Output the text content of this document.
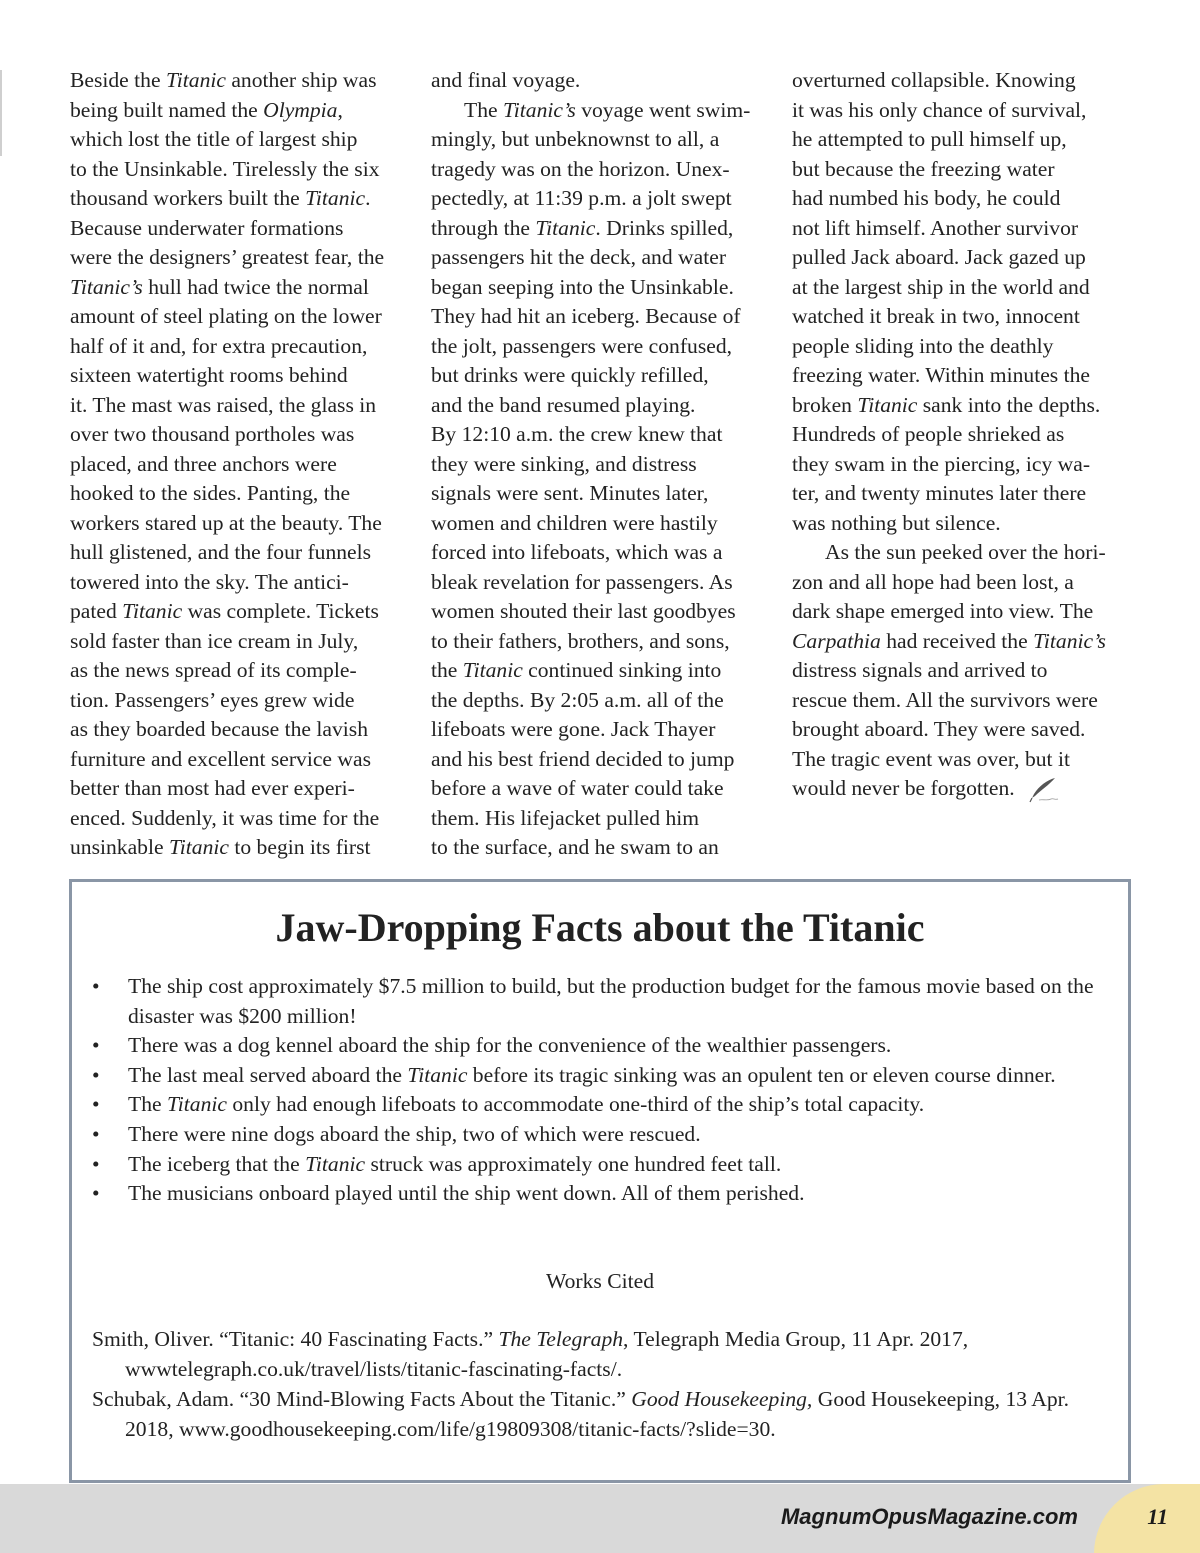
Beside the Titanic another ship was

being built named the Olympia,

which lost the title of largest ship

to the Unsinkable. Tirelessly the six

thousand workers built the Titanic.

Because underwater formations

were the designers’ greatest fear, the

Titanic’s hull had twice the normal

amount of steel plating on the lower

half of it and, for extra precaution,

sixteen watertight rooms behind

it. The mast was raised, the glass in

over two thousand portholes was

placed, and three anchors were

hooked to the sides. Panting, the

workers stared up at the beauty. The

hull glistened, and the four funnels

towered into the sky. The antici-

pated Titanic was complete. Tickets

sold faster than ice cream in July,

as the news spread of its comple-

tion. Passengers’ eyes grew wide

as they boarded because the lavish

furniture and excellent service was

better than most had ever experi-

enced. Suddenly, it was time for the

unsinkable Titanic to begin its first

and final voyage.

The Titanic’s voyage went swim-

mingly, but unbeknownst to all, a

tragedy was on the horizon. Unex-

pectedly, at 11:39 p.m. a jolt swept

through the Titanic. Drinks spilled,

passengers hit the deck, and water

began seeping into the Unsinkable.

They had hit an iceberg. Because of

the jolt, passengers were confused,

but drinks were quickly refilled,

and the band resumed playing.

By 12:10 a.m. the crew knew that

they were sinking, and distress

signals were sent. Minutes later,

women and children were hastily

forced into lifeboats, which was a

bleak revelation for passengers. As

women shouted their last goodbyes

to their fathers, brothers, and sons,

the Titanic continued sinking into

the depths. By 2:05 a.m. all of the

lifeboats were gone. Jack Thayer

and his best friend decided to jump

before a wave of water could take

them. His lifejacket pulled him

to the surface, and he swam to an

overturned collapsible. Knowing

it was his only chance of survival,

he attempted to pull himself up,

but because the freezing water

had numbed his body, he could

not lift himself. Another survivor

pulled Jack aboard. Jack gazed up

at the largest ship in the world and

watched it break in two, innocent

people sliding into the deathly

freezing water. Within minutes the

broken Titanic sank into the depths.

Hundreds of people shrieked as

they swam in the piercing, icy wa-

ter, and twenty minutes later there

was nothing but silence.

As the sun peeked over the hori-

zon and all hope had been lost, a

dark shape emerged into view. The

Carpathia had received the Titanic’s

distress signals and arrived to

rescue them. All the survivors were

brought aboard. They were saved.

The tragic event was over, but it

would never be forgotten.

Jaw-Dropping Facts about the Titanic
• The ship cost approximately $7.5 million to build, but the production budget for the famous movie based on the disaster was $200 million!
• There was a dog kennel aboard the ship for the convenience of the wealthier passengers.
• The last meal served aboard the Titanic before its tragic sinking was an opulent ten or eleven course dinner.
• The Titanic only had enough lifeboats to accommodate one-third of the ship’s total capacity.
• There were nine dogs aboard the ship, two of which were rescued.
• The iceberg that the Titanic struck was approximately one hundred feet tall.
• The musicians onboard played until the ship went down. All of them perished.
Works Cited

Smith, Oliver. “Titanic: 40 Fascinating Facts.” The Telegraph, Telegraph Media Group, 11 Apr. 2017, wwwtelegraph.co.uk/travel/lists/titanic-fascinating-facts/.

Schubak, Adam. “30 Mind-Blowing Facts About the Titanic.” Good Housekeeping, Good Housekeeping, 13 Apr. 2018, www.goodhousekeeping.com/life/g19809308/titanic-facts/?slide=30.

MagnumOpusMagazine.com	11
